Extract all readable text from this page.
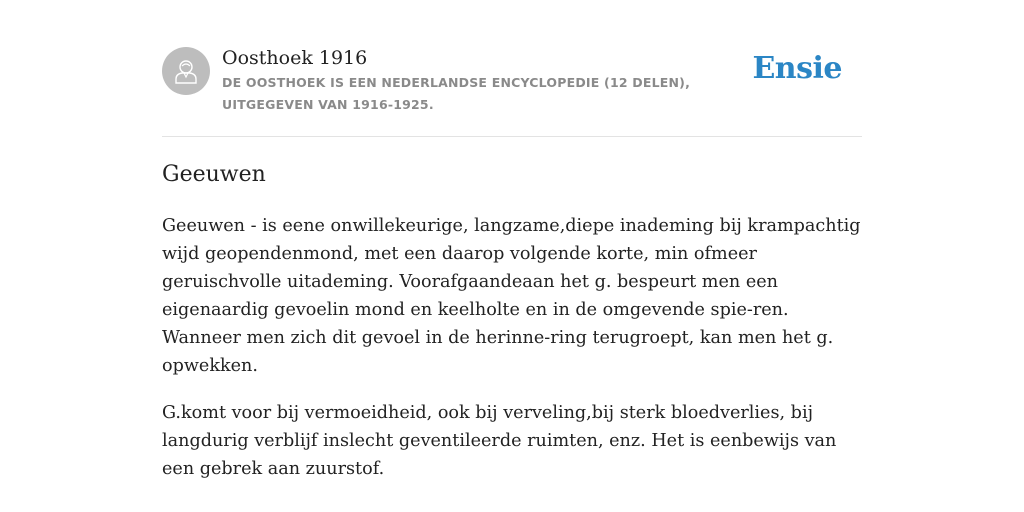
Oosthoek 1916
DE OOSTHOEK IS EEN NEDERLANDSE ENCYCLOPEDIE (12 DELEN), UITGEGEVEN VAN 1916-1925.
Ensie
Geeuwen

Geeuwen - is eene onwillekeurige, langzame,diepe inademing bij krampachtig wijd geopendenmond, met een daarop volgende korte, min ofmeer geruischvolle uitademing. Voorafgaandeaan het g. bespeurt men een eigenaardig gevoelin mond en keelholte en in de omgevende spie-ren. Wanneer men zich dit gevoel in de herinne-ring terugroept, kan men het g. opwekken.

G.komt voor bij vermoeidheid, ook bij verveling,bij sterk bloedverlies, bij langdurig verblijf inslecht geventileerde ruimten, enz. Het is eenbewijs van een gebrek aan zuurstof.
